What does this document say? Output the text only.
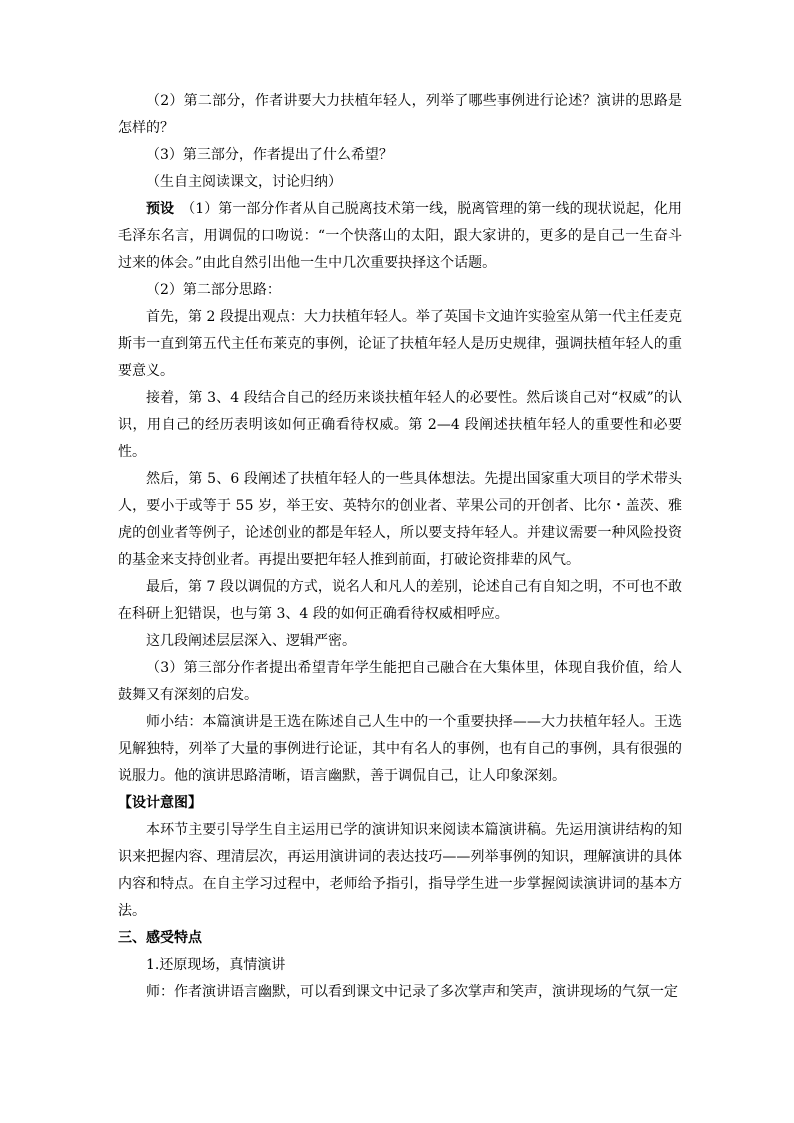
（2）第二部分，作者讲要大力扶植年轻人，列举了哪些事例进行论述？演讲的思路是怎样的？

（3）第三部分，作者提出了什么希望？

（生自主阅读课文，讨论归纳）

预设　 （1）第一部分作者从自己脱离技术第一线，脱离管理的第一线的现状说起，化用毛泽东名言，用调侃的口吻说：“一个快落山的太阳，跟大家讲的，更多的是自己一生奋斗过来的体会。”由此自然引出他一生中几次重要抉择这个话题。

（2）第二部分思路：

首先，第 2 段提出观点：大力扶植年轻人。举了英国卡文迪许实验室从第一代主任麦克斯韦一直到第五代主任布莱克的事例，论证了扶植年轻人是历史规律，强调扶植年轻人的重要意义。

接着，第 3、4 段结合自己的经历来谈扶植年轻人的必要性。然后谈自己对“权威”的认识，用自己的经历表明该如何正确看待权威。第 2—4 段阐述扶植年轻人的重要性和必要性。

然后，第 5、6 段阐述了扶植年轻人的一些具体想法。先提出国家重大项目的学术带头人，要小于或等于 55 岁，举王安、英特尔的创业者、苹果公司的开创者、比尔・盖茨、雅虎的创业者等例子，论述创业的都是年轻人，所以要支持年轻人。并建议需要一种风险投资的基金来支持创业者。再提出要把年轻人推到前面，打破论资排辈的风气。

最后，第 7 段以调侃的方式，说名人和凡人的差别，论述自己有自知之明，不可也不敢在科研上犯错误，也与第 3、4 段的如何正确看待权威相呼应。

这几段阐述层层深入、逻辑严密。

（3）第三部分作者提出希望青年学生能把自己融合在大集体里，体现自我价值，给人鼓舞又有深刻的启发。

师小结：本篇演讲是王选在陈述自己人生中的一个重要抉择——大力扶植年轻人。王选见解独特，列举了大量的事例进行论证，其中有名人的事例，也有自己的事例，具有很强的说服力。他的演讲思路清晰，语言幽默，善于调侃自己，让人印象深刻。

【设计意图】

本环节主要引导学生自主运用已学的演讲知识来阅读本篇演讲稿。先运用演讲结构的知识来把握内容、理清层次，再运用演讲词的表达技巧——列举事例的知识，理解演讲的具体内容和特点。在自主学习过程中，老师给予指引，指导学生进一步掌握阅读演讲词的基本方法。

三、感受特点

1.还原现场，真情演讲

师：作者演讲语言幽默，可以看到课文中记录了多次掌声和笑声，演讲现场的气氛一定
